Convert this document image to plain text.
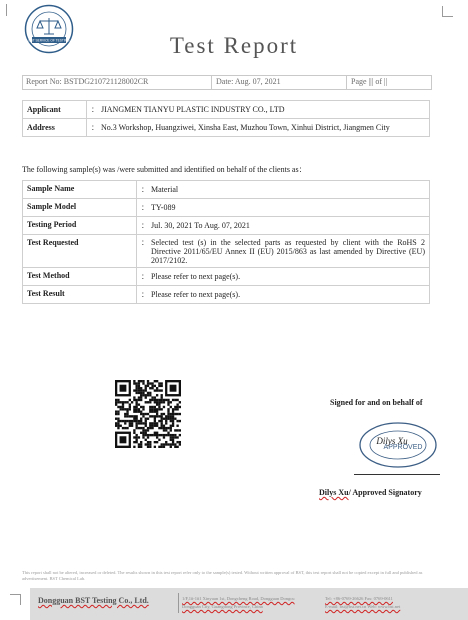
BST SERVICE OF TESTING	Test Report
Report No: BSTDG210721128002CR	Date: Aug. 07, 2021	Page ||| of ||
Applicant	： JIANGMEN TIANYU PLASTIC INDUSTRY CO., LTD
Address	： No.3 Workshop, Huangziwei, Xinsha East, Muzhou Town, Xinhui District, Jiangmen City
The following sample(s) was /were submitted and identified on behalf of the clients as：
Sample Name	： Material
Sample Model	： TY-089
Testing Period	： Jul. 30, 2021 To Aug. 07, 2021
Test Requested	： Selected test (s) in the selected parts as requested by client with the RoHS 2 Directive 2011/65/EU Annex II (EU) 2015/863 as last amended by Directive (EU) 2017/2102.

Test Method	： Please refer to next page(s).
Test Result	： Please refer to next page(s).
Signed for and on behalf of
APPROVED
Dilys Xu
Dilys Xu/ Approved Signatory
This report shall not be altered, increased or deleted. The results shown in this test report refer only to the sample(s) tested. Without written approval of BST, this test report shall not be copied except in full and published as advertisement. BST Chemical Lab.
Dongguan BST Testing Co., Ltd.	1/F,1#-1#1 Xinyuan 1st, Dongcheng Road, Dongguan Dongcu
Dongguan City, Guangdong Province, China
Tel: +86-0769-26626 Fax: 0769-0611
E-mail: bst@bst.net.cn Web: www.bst.net
